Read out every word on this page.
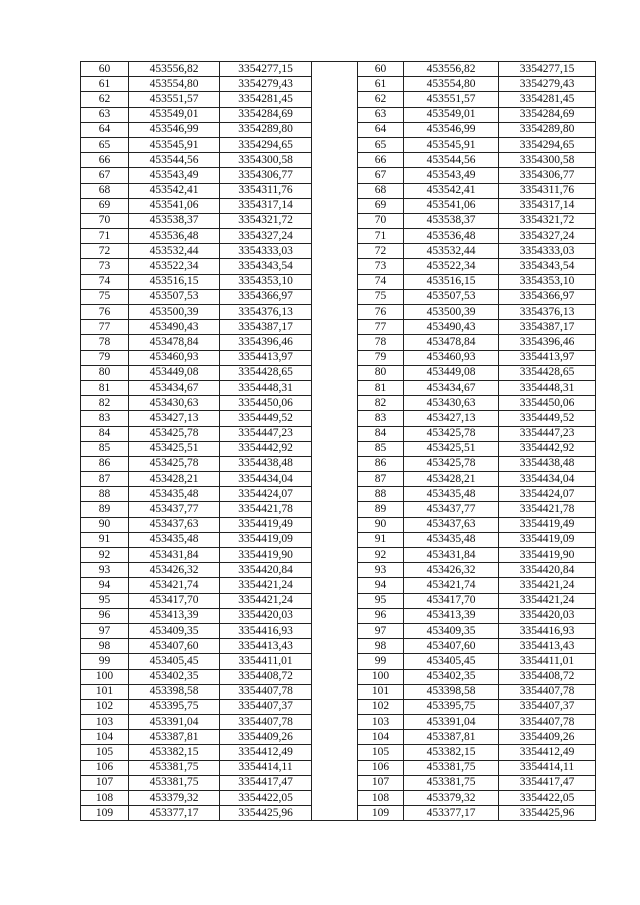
60	453556,82	3354277,15		60	453556,82	3354277,15
61	453554,80	3354279,43		61	453554,80	3354279,43
62	453551,57	3354281,45		62	453551,57	3354281,45
63	453549,01	3354284,69		63	453549,01	3354284,69
64	453546,99	3354289,80		64	453546,99	3354289,80
65	453545,91	3354294,65		65	453545,91	3354294,65
66	453544,56	3354300,58		66	453544,56	3354300,58
67	453543,49	3354306,77		67	453543,49	3354306,77
68	453542,41	3354311,76		68	453542,41	3354311,76
69	453541,06	3354317,14		69	453541,06	3354317,14
70	453538,37	3354321,72		70	453538,37	3354321,72
71	453536,48	3354327,24		71	453536,48	3354327,24
72	453532,44	3354333,03		72	453532,44	3354333,03
73	453522,34	3354343,54		73	453522,34	3354343,54
74	453516,15	3354353,10		74	453516,15	3354353,10
75	453507,53	3354366,97		75	453507,53	3354366,97
76	453500,39	3354376,13		76	453500,39	3354376,13
77	453490,43	3354387,17		77	453490,43	3354387,17
78	453478,84	3354396,46		78	453478,84	3354396,46
79	453460,93	3354413,97		79	453460,93	3354413,97
80	453449,08	3354428,65		80	453449,08	3354428,65
81	453434,67	3354448,31		81	453434,67	3354448,31
82	453430,63	3354450,06		82	453430,63	3354450,06
83	453427,13	3354449,52		83	453427,13	3354449,52
84	453425,78	3354447,23		84	453425,78	3354447,23
85	453425,51	3354442,92		85	453425,51	3354442,92
86	453425,78	3354438,48		86	453425,78	3354438,48
87	453428,21	3354434,04		87	453428,21	3354434,04
88	453435,48	3354424,07		88	453435,48	3354424,07
89	453437,77	3354421,78		89	453437,77	3354421,78
90	453437,63	3354419,49		90	453437,63	3354419,49
91	453435,48	3354419,09		91	453435,48	3354419,09
92	453431,84	3354419,90		92	453431,84	3354419,90
93	453426,32	3354420,84		93	453426,32	3354420,84
94	453421,74	3354421,24		94	453421,74	3354421,24
95	453417,70	3354421,24		95	453417,70	3354421,24
96	453413,39	3354420,03		96	453413,39	3354420,03
97	453409,35	3354416,93		97	453409,35	3354416,93
98	453407,60	3354413,43		98	453407,60	3354413,43
99	453405,45	3354411,01		99	453405,45	3354411,01
100	453402,35	3354408,72		100	453402,35	3354408,72
101	453398,58	3354407,78		101	453398,58	3354407,78
102	453395,75	3354407,37		102	453395,75	3354407,37
103	453391,04	3354407,78		103	453391,04	3354407,78
104	453387,81	3354409,26		104	453387,81	3354409,26
105	453382,15	3354412,49		105	453382,15	3354412,49
106	453381,75	3354414,11		106	453381,75	3354414,11
107	453381,75	3354417,47		107	453381,75	3354417,47
108	453379,32	3354422,05		108	453379,32	3354422,05
109	453377,17	3354425,96		109	453377,17	3354425,96
